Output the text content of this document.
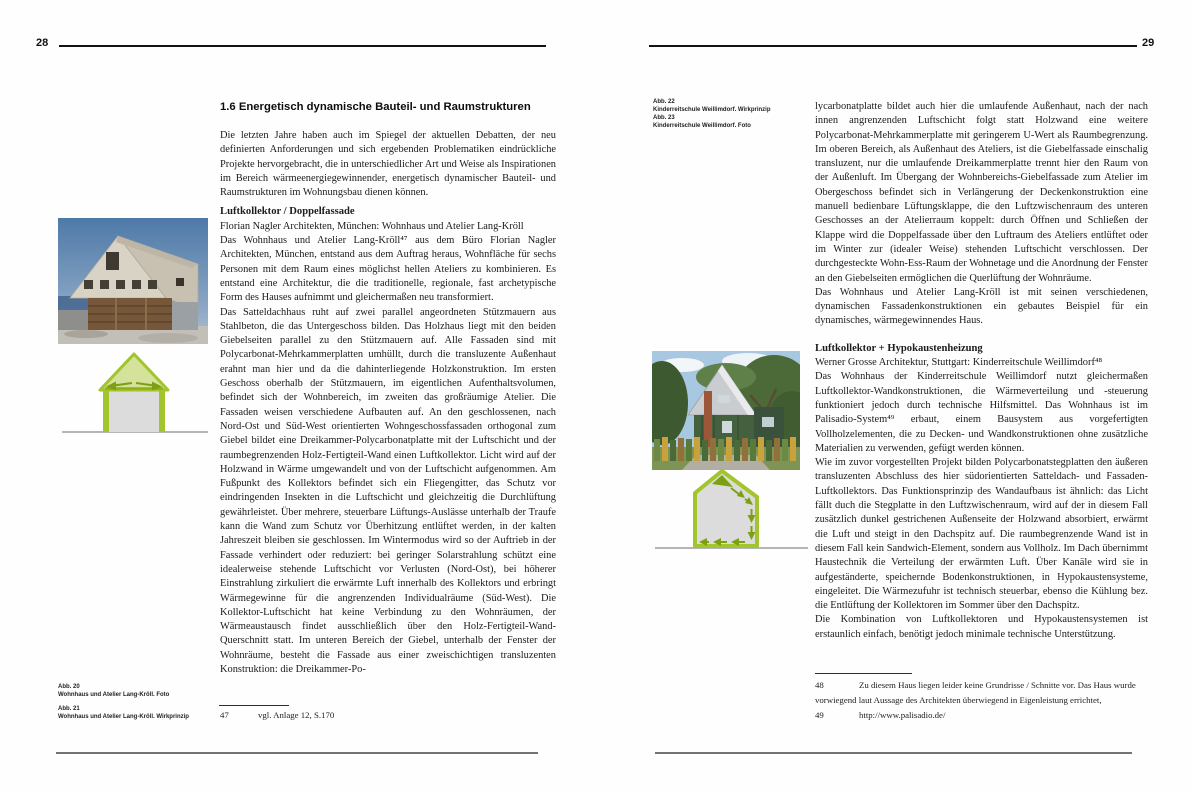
28	29
Abb. 20
Wohnhaus und Atelier Lang-Kröll. Foto
Abb. 21
Wohnhaus und Atelier Lang-Kröll. Wirkprinzip
1.6 Energetisch dynamische Bauteil- und Raumstrukturen

Die letzten Jahre haben auch im Spiegel der aktuellen Debatten, der neu definierten Anforderungen und sich ergebenden Problematiken eindrückliche Projekte hervorgebracht, die in unterschiedlicher Art und Weise als Inspirationen im Bereich wärmeenergiegewinnender, energetisch dynamischer Bauteil- und Raumstrukturen im Wohnungsbau dienen können.

Luftkollektor / Doppelfassade

Florian Nagler Architekten, München: Wohnhaus und Atelier Lang-Kröll

Das Wohnhaus und Atelier Lang-Kröll⁴⁷ aus dem Büro Florian Nagler Architekten, München, entstand aus dem Auftrag heraus, Wohnfläche für sechs Personen mit dem Raum eines möglichst hellen Ateliers zu kombinieren. Es entstand eine Architektur, die die traditionelle, regionale, fast archetypische Form des Hauses aufnimmt und gleichermaßen neu transformiert.

Das Satteldachhaus ruht auf zwei parallel angeordneten Stützmauern aus Stahlbeton, die das Untergeschoss bilden. Das Holzhaus liegt mit den beiden Giebelseiten parallel zu den Stützmauern auf. Alle Fassaden sind mit Polycarbonat-Mehrkammerplatten umhüllt, durch die transluzente Außenhaut erahnt man hier und da die dahinterliegende Holzkonstruktion. Im ersten Geschoss oberhalb der Stützmauern, im eigentlichen Aufenthaltsvolumen, befindet sich der Wohnbereich, im zweiten das großräumige Atelier. Die Fassaden weisen verschiedene Aufbauten auf. An den geschlossenen, nach Nord-Ost und Süd-West orientierten Wohngeschossfassaden orthogonal zum Giebel bildet eine Dreikammer-Polycarbonatplatte mit der Luftschicht und der raumbegrenzenden Holz-Fertigteil-Wand einen Luftkollektor. Licht wird auf der Holzwand in Wärme umgewandelt und von der Luftschicht aufgenommen. Am Fußpunkt des Kollektors befindet sich ein Fliegengitter, das Schutz vor eindringenden Insekten in die Luftschicht und gleichzeitig die Durchlüftung gewährleistet. Über mehrere, steuerbare Lüftungs-Auslässe unterhalb der Traufe kann die Wand zum Schutz vor Überhitzung entlüftet werden, in der kalten Jahreszeit bleiben sie geschlossen. Im Wintermodus wird so der Auftrieb in der Fassade verhindert oder reduziert: bei geringer Solarstrahlung schützt eine idealerweise stehende Luftschicht vor Verlusten (Nord-Ost), bei höherer Einstrahlung zirkuliert die erwärmte Luft innerhalb des Kollektors und erbringt Wärmegewinne für die angrenzenden Individualräume (Süd-West). Die Kollektor-Luftschicht hat keine Verbindung zu den Wohnräumen, der Wärmeaustausch findet ausschließlich über den Holz-Fertigteil-Wand-Querschnitt statt. Im unteren Bereich der Giebel, unterhalb der Fenster der Wohnräume, besteht die Fassade aus einer zweischichtigen transluzenten Konstruktion: die Dreikammer-Po-

47	vgl. Anlage 12, S.170

Abb. 22
Kinderreitschule Weillimdorf. Wirkprinzip
Abb. 23
Kinderreitschule Weillimdorf. Foto

lycarbonatplatte bildet auch hier die umlaufende Außenhaut, nach der nach innen angrenzenden Luftschicht folgt statt Holzwand eine weitere Polycarbonat-Mehrkammerplatte mit geringerem U-Wert als Raumbegrenzung. Im oberen Bereich, als Außenhaut des Ateliers, ist die Giebelfassade einschalig transluzent, nur die umlaufende Dreikammerplatte trennt hier den Raum von der Außenluft. Im Übergang der Wohnbereichs-Giebelfassade zum Atelier im Obergeschoss befindet sich in Verlängerung der Deckenkonstruktion eine manuell bedienbare Lüftungsklappe, die den Luftzwischenraum des unteren Geschosses an der Atelierraum koppelt: durch Öffnen und Schließen der Klappe wird die Doppelfassade über den Luftraum des Ateliers entlüftet oder im Winter zur (idealer Weise) stehenden Luftschicht verschlossen. Der durchgesteckte Wohn-Ess-Raum der Wohnetage und die Anordnung der Fenster an den Giebelseiten ermöglichen die Querlüftung der Wohnräume.

Das Wohnhaus und Atelier Lang-Kröll ist mit seinen verschiedenen, dynamischen Fassadenkonstruktionen ein gebautes Beispiel für ein dynamisches, wärmegewinnendes Haus.

Luftkollektor + Hypokaustenheizung

Werner Grosse Architektur, Stuttgart: Kinderreitschule Weillimdorf⁴⁸

Das Wohnhaus der Kinderreitschule Weillimdorf nutzt gleichermaßen Luftkollektor-Wandkonstruktionen, die Wärmeverteilung und -steuerung funktioniert jedoch durch technische Hilfsmittel. Das Wohnhaus ist im Palisadio-System⁴⁹ erbaut, einem Bausystem aus vorgefertigten Vollholzelementen, die zu Decken- und Wandkonstruktionen ohne zusätzliche Materialien zu verwenden, gefügt werden können.

Wie im zuvor vorgestellten Projekt bilden Polycarbonatstegplatten den äußeren transluzenten Abschluss des hier südorientierten Satteldach- und Fassaden-Luftkollektors. Das Funktionsprinzip des Wandaufbaus ist ähnlich: das Licht fällt duch die Stegplatte in den Luftzwischenraum, wird auf der in diesem Fall zusätzlich dunkel gestrichenen Außenseite der Holzwand absorbiert, erwärmt die Luft und steigt in den Dachspitz auf. Die raumbegrenzende Wand ist in diesem Fall kein Sandwich-Element, sondern aus Vollholz. Im Dach übernimmt Haustechnik die Verteilung der erwärmten Luft. Über Kanäle wird sie in aufgeständerte, speichernde Bodenkonstruktionen, in Hypokaustensysteme, eingeleitet. Die Wärmezufuhr ist technisch steuerbar, ebenso die Kühlung bez. die Entlüftung der Kollektoren im Sommer über den Dachspitz.

Die Kombination von Luftkollektoren und Hypokaustensystemen ist erstaunlich einfach, benötigt jedoch minimale technische Unterstützung.

48	Zu diesem Haus liegen leider keine Grundrisse / Schnitte vor. Das Haus wurde vorwiegend laut Aussage des Architekten überwiegend in Eigenleistung errichtet,

49	http://www.palisadio.de/
